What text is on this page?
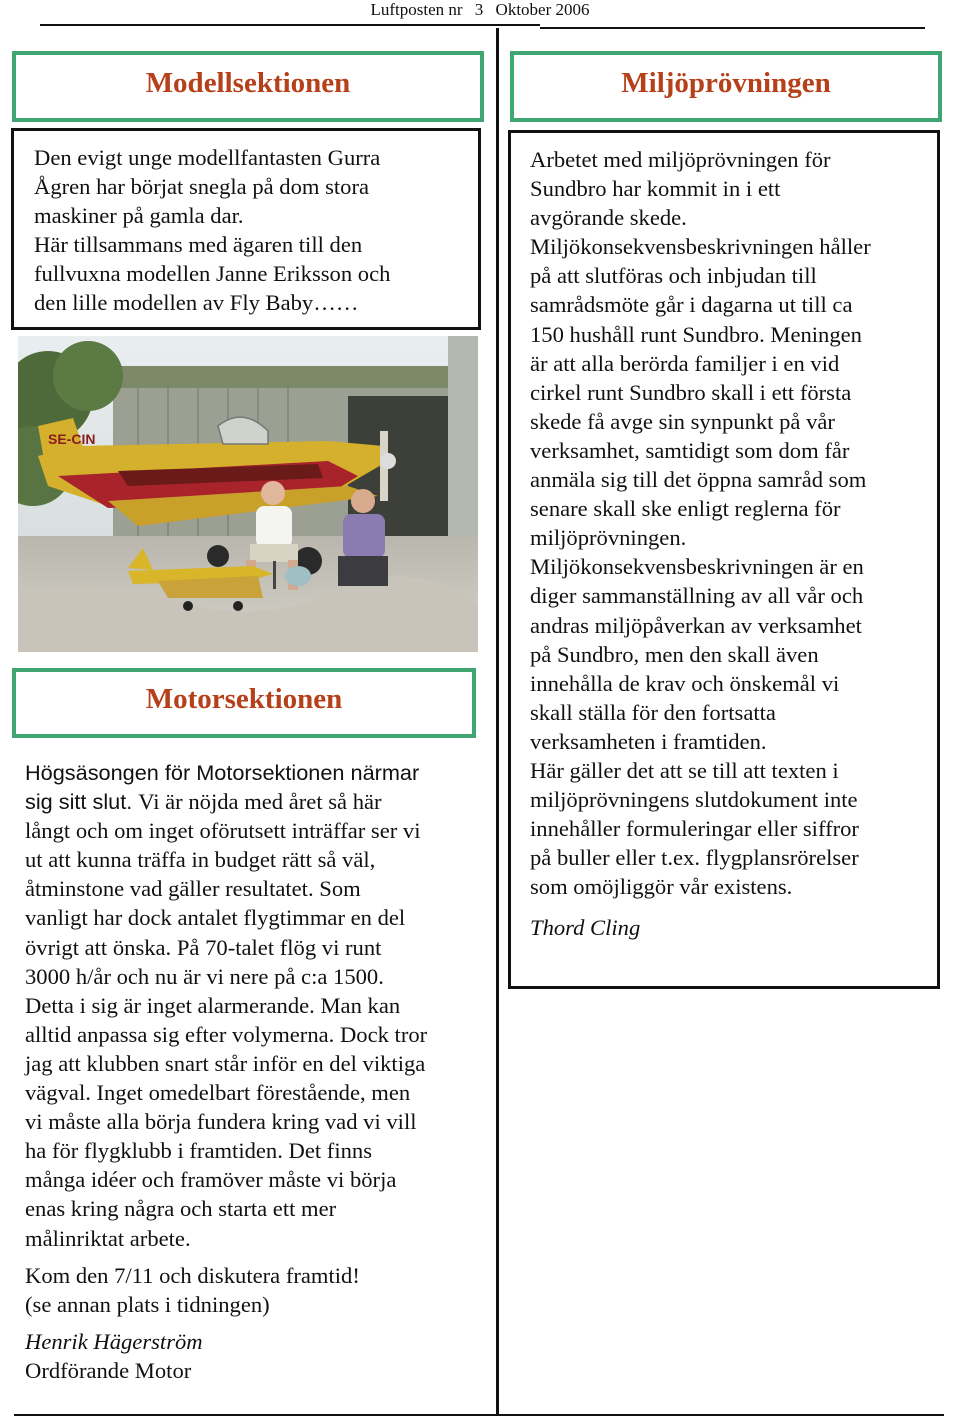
Luftposten nr 3 Oktober 2006
Modellsektionen

Den evigt unge modellfantasten Gurra

Ågren har börjat snegla på dom stora

maskiner på gamla dar.

Här tillsammans med ägaren till den

fullvuxna modellen Janne Eriksson och

den lille modellen av Fly Baby……

SE-CIN
Motorsektionen

Högsäsongen för Motorsektionen närmar

sig sitt slut. Vi är nöjda med året så här

långt och om inget oförutsett inträffar ser vi

ut att kunna träffa in budget rätt så väl,

åtminstone vad gäller resultatet. Som

vanligt har dock antalet flygtimmar en del

övrigt att önska. På 70-talet flög vi runt

3000 h/år och nu är vi nere på c:a 1500.

Detta i sig är inget alarmerande. Man kan

alltid anpassa sig efter volymerna. Dock tror

jag att klubben snart står inför en del viktiga

vägval. Inget omedelbart förestående, men

vi måste alla börja fundera kring vad vi vill

ha för flygklubb i framtiden. Det finns

många idéer och framöver måste vi börja

enas kring några och starta ett mer

målinriktat arbete.

Kom den 7/11 och diskutera framtid!

(se annan plats i tidningen)

Henrik Hägerström

Ordförande Motor

Miljöprövningen

Arbetet med miljöprövningen för

Sundbro har kommit in i ett

avgörande skede.

Miljökonsekvensbeskrivningen håller

på att slutföras och inbjudan till

samrådsmöte går i dagarna ut till ca

150 hushåll runt Sundbro. Meningen

är att alla berörda familjer i en vid

cirkel runt Sundbro skall i ett första

skede få avge sin synpunkt på vår

verksamhet, samtidigt som dom får

anmäla sig till det öppna samråd som

senare skall ske enligt reglerna för

miljöprövningen.

Miljökonsekvensbeskrivningen är en

diger sammanställning av all vår och

andras miljöpåverkan av verksamhet

på Sundbro, men den skall även

innehålla de krav och önskemål vi

skall ställa för den fortsatta

verksamheten i framtiden.

Här gäller det att se till att texten i

miljöprövningens slutdokument inte

innehåller formuleringar eller siffror

på buller eller t.ex. flygplansrörelser

som omöjliggör vår existens.

Thord Cling
